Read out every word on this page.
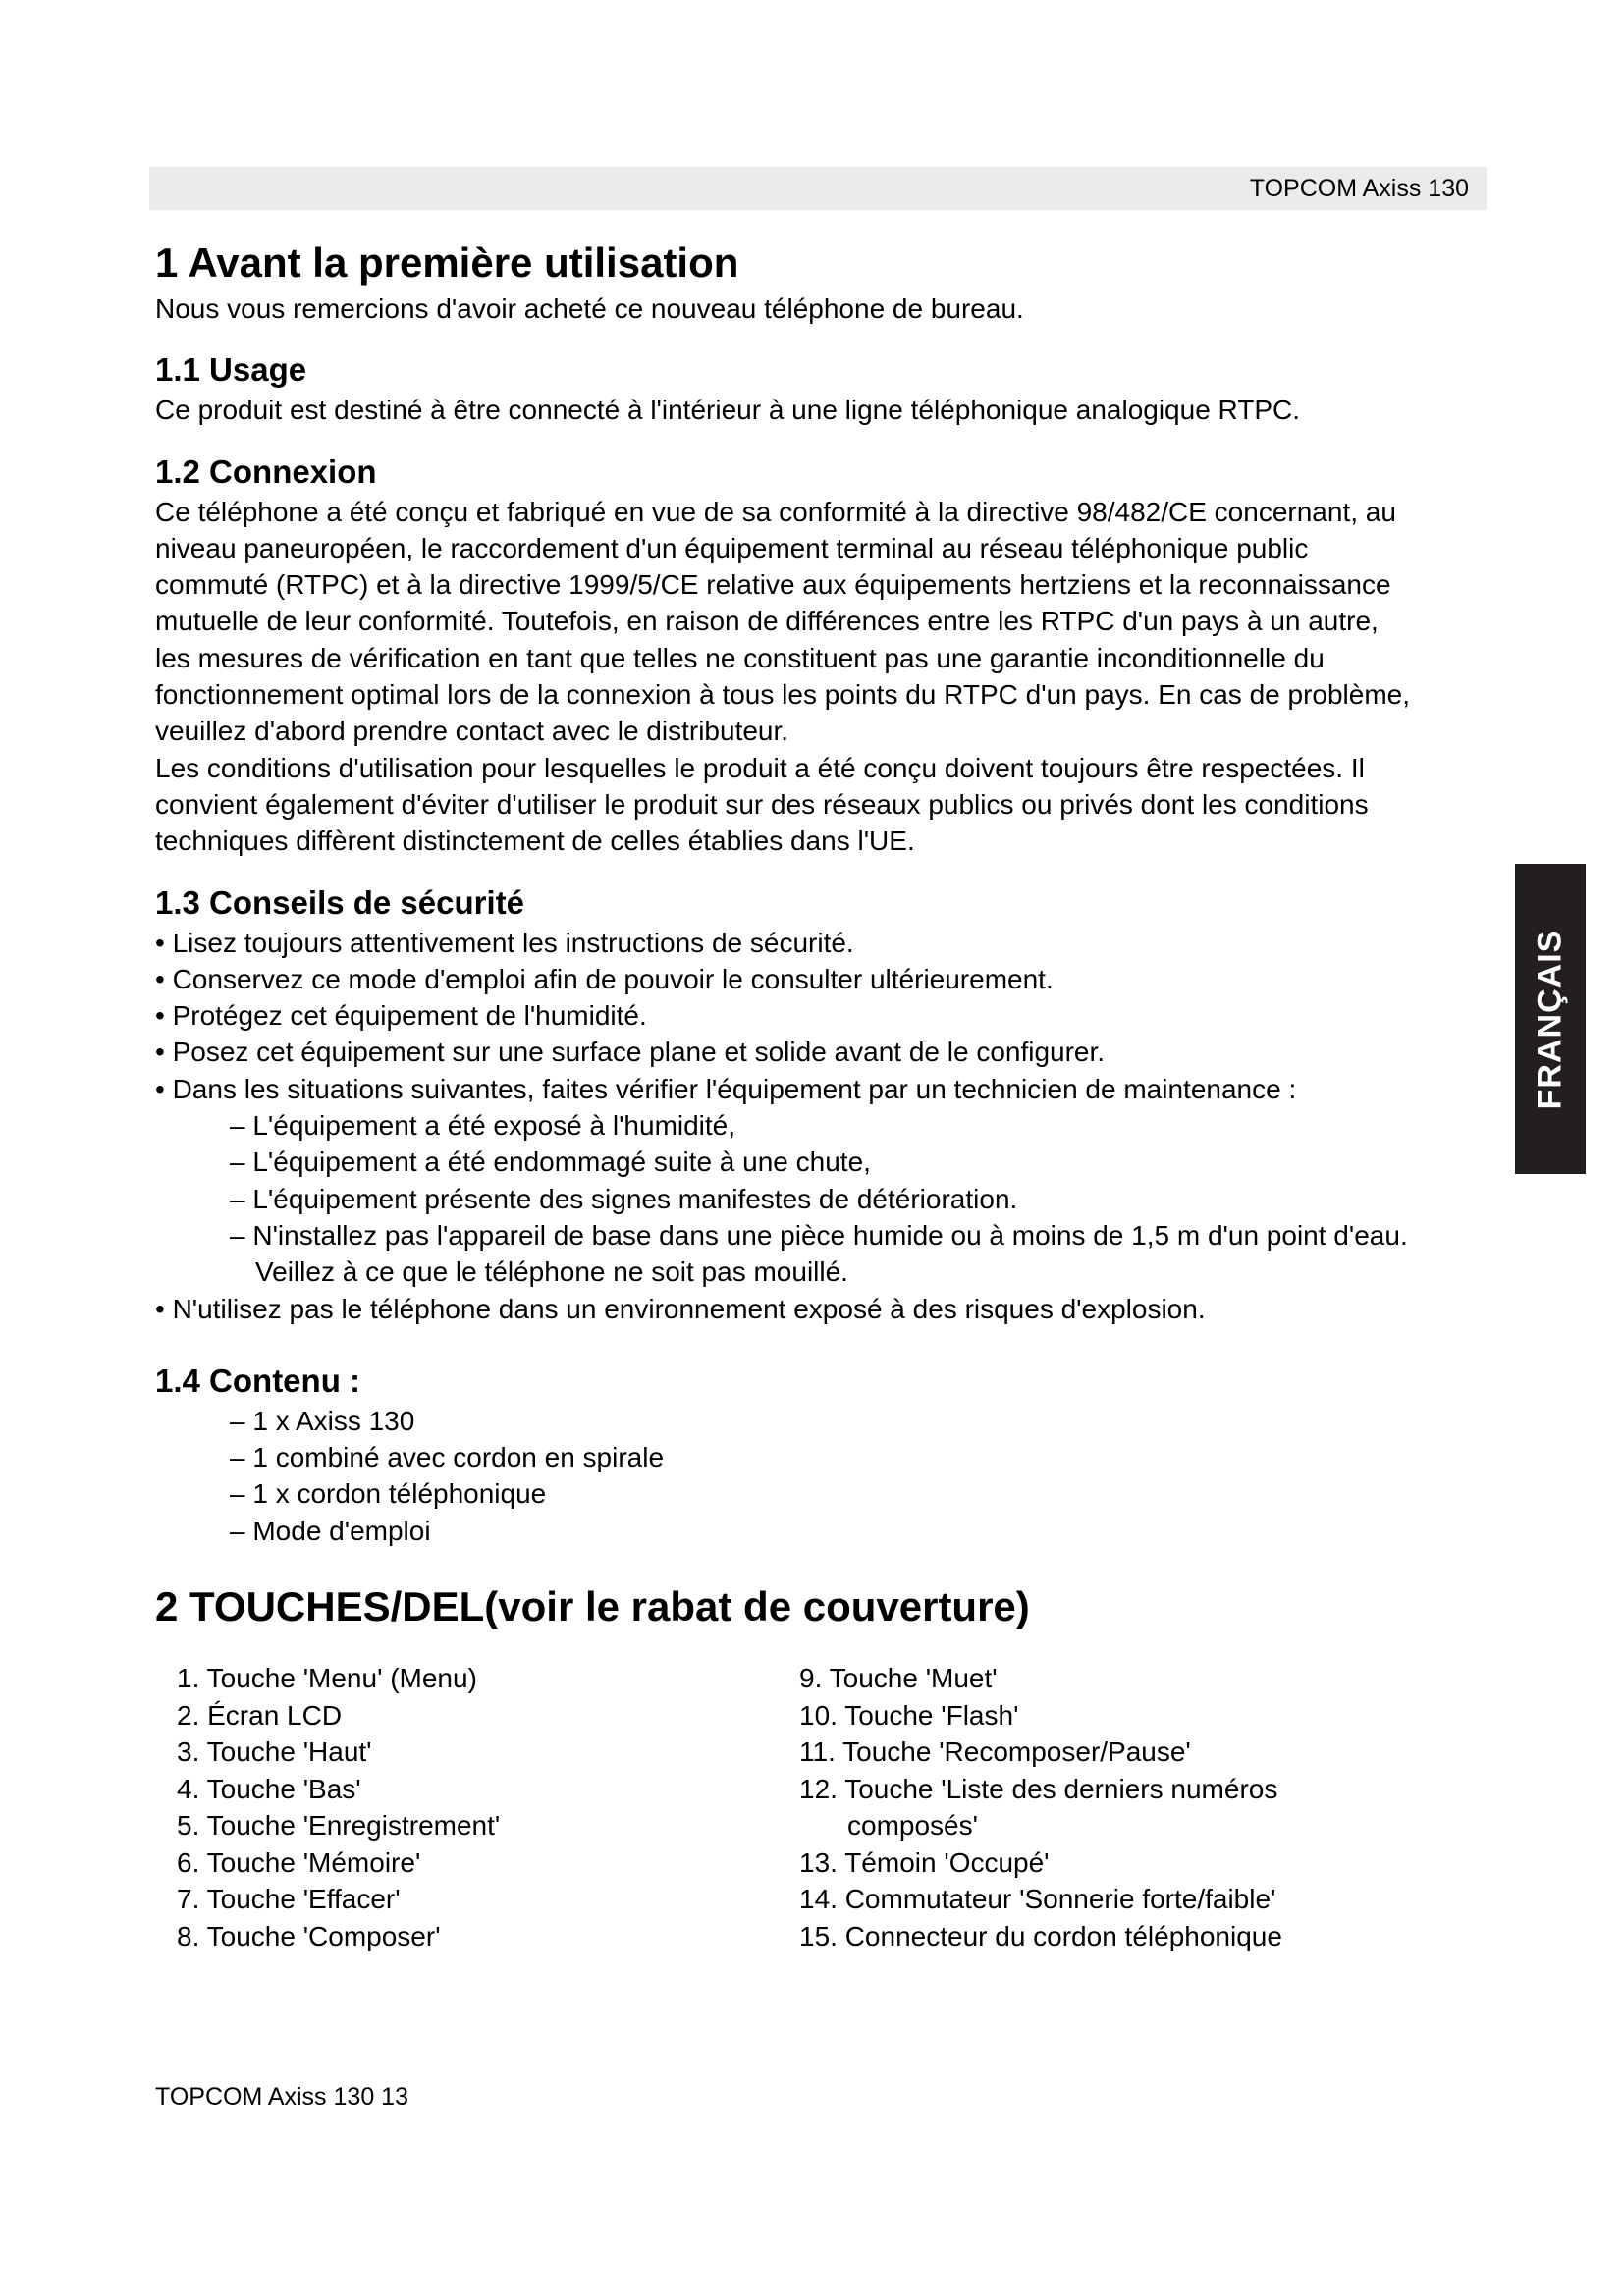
TOPCOM Axiss 130
FRANÇAIS
1 Avant la première utilisation

Nous vous remercions d'avoir acheté ce nouveau téléphone de bureau.

1.1 Usage

Ce produit est destiné à être connecté à l'intérieur à une ligne téléphonique analogique RTPC.

1.2 Connexion

Ce téléphone a été conçu et fabriqué en vue de sa conformité à la directive 98/482/CE concernant, au

niveau paneuropéen, le raccordement d'un équipement terminal au réseau téléphonique public

commuté (RTPC) et à la directive 1999/5/CE relative aux équipements hertziens et la reconnaissance

mutuelle de leur conformité. Toutefois, en raison de différences entre les RTPC d'un pays à un autre,

les mesures de vérification en tant que telles ne constituent pas une garantie inconditionnelle du

fonctionnement optimal lors de la connexion à tous les points du RTPC d'un pays. En cas de problème,

veuillez d'abord prendre contact avec le distributeur.

Les conditions d'utilisation pour lesquelles le produit a été conçu doivent toujours être respectées. Il

convient également d'éviter d'utiliser le produit sur des réseaux publics ou privés dont les conditions

techniques diffèrent distinctement de celles établies dans l'UE.

1.3 Conseils de sécurité
• Lisez toujours attentivement les instructions de sécurité.
• Conservez ce mode d'emploi afin de pouvoir le consulter ultérieurement.
• Protégez cet équipement de l'humidité.
• Posez cet équipement sur une surface plane et solide avant de le configurer.
• Dans les situations suivantes, faites vérifier l'équipement par un technicien de maintenance :
– L'équipement a été exposé à l'humidité,
– L'équipement a été endommagé suite à une chute,
– L'équipement présente des signes manifestes de détérioration.
– N'installez pas l'appareil de base dans une pièce humide ou à moins de 1,5 m d'un point d'eau.
Veillez à ce que le téléphone ne soit pas mouillé.
• N'utilisez pas le téléphone dans un environnement exposé à des risques d'explosion.
1.4 Contenu :
– 1 x Axiss 130
– 1 combiné avec cordon en spirale
– 1 x cordon téléphonique
– Mode d'emploi
2 TOUCHES/DEL(voir le rabat de couverture)
1. Touche 'Menu' (Menu)
2. Écran LCD
3. Touche 'Haut'
4. Touche 'Bas'
5. Touche 'Enregistrement'
6. Touche 'Mémoire'
7. Touche 'Effacer'
8. Touche 'Composer'
9. Touche 'Muet'
10. Touche 'Flash'
11. Touche 'Recomposer/Pause'
12. Touche 'Liste des derniers numéros
composés'
13. Témoin 'Occupé'
14. Commutateur 'Sonnerie forte/faible'
15. Connecteur du cordon téléphonique
TOPCOM Axiss 130 13
